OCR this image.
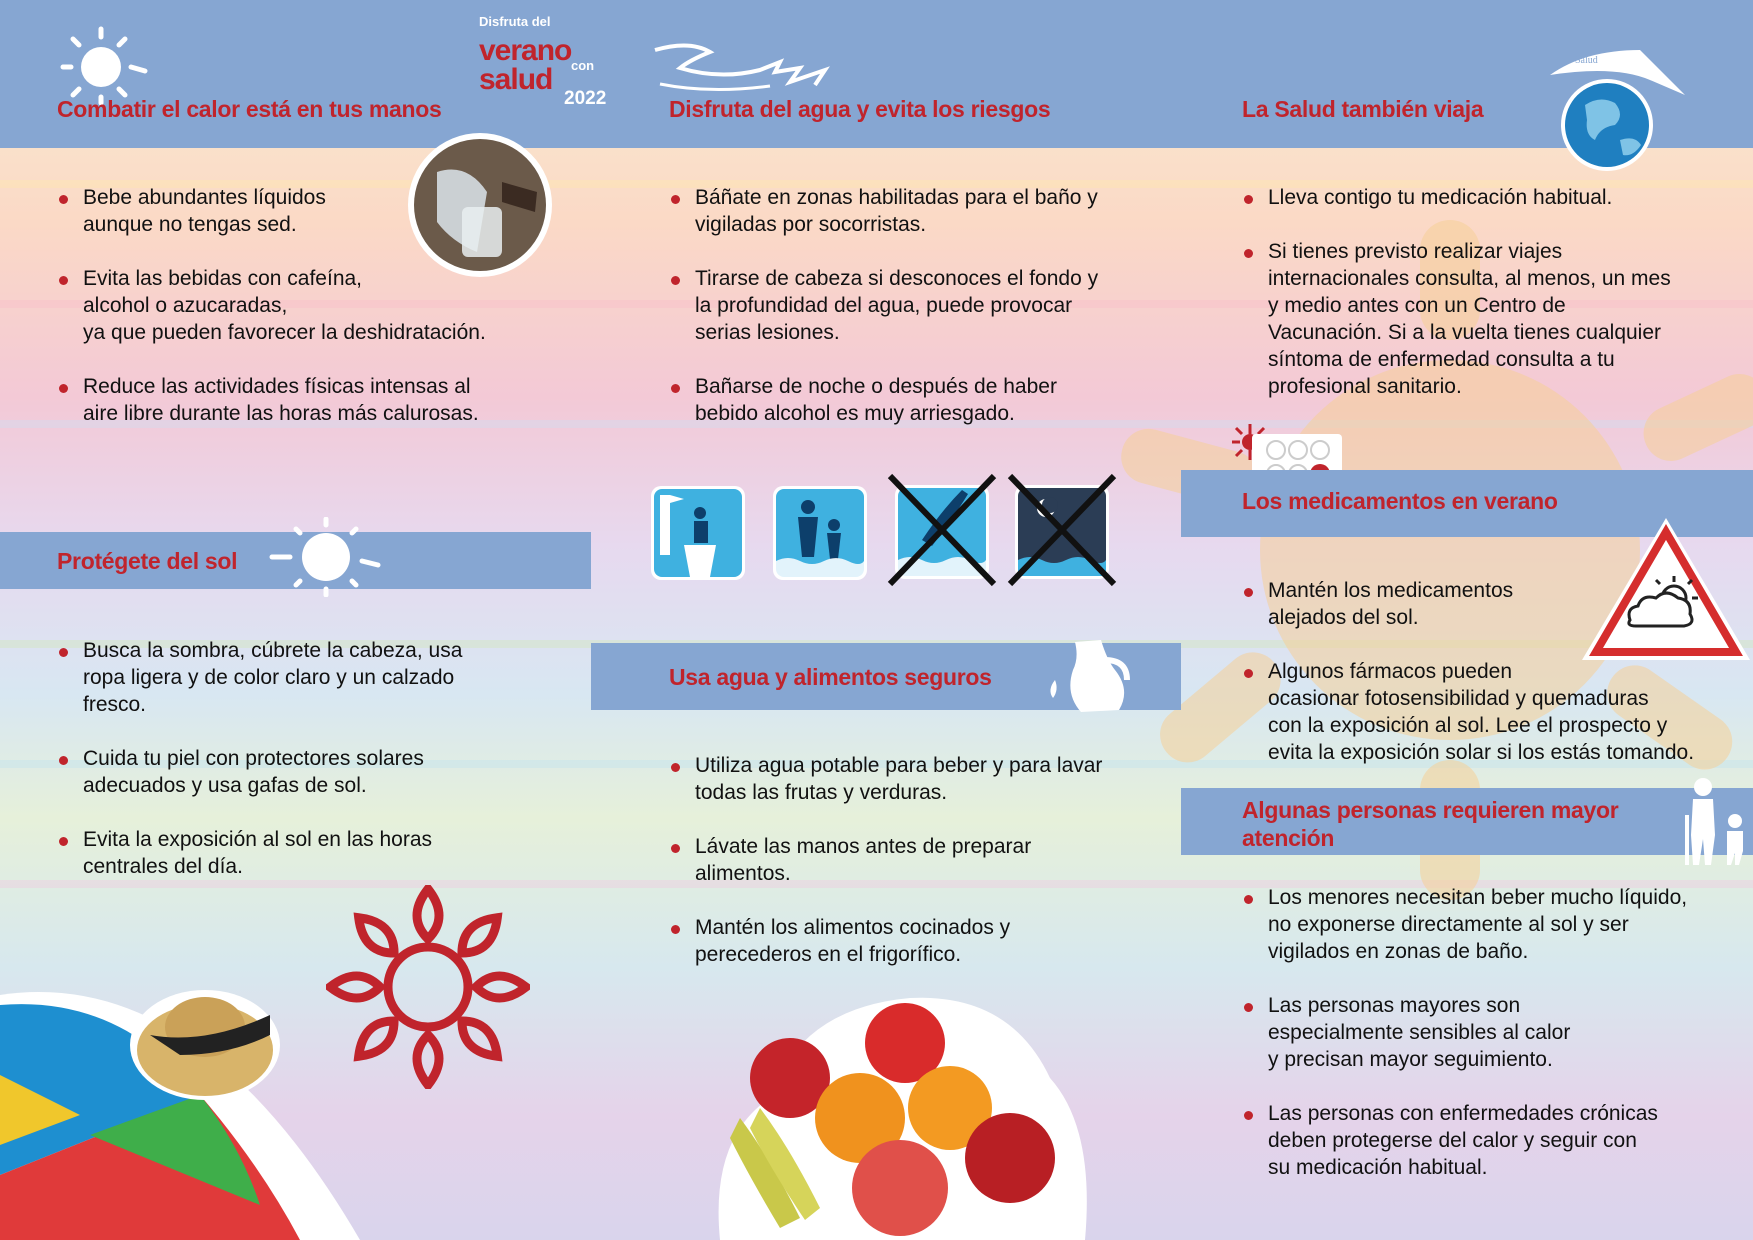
Disfruta del
verano con
salud
2022
Salud
Combatir el calor está en tus manos
Bebe abundantes líquidos
aunque no tengas sed.
Evita las bebidas con cafeína,
alcohol o azucaradas,
ya que pueden favorecer la deshidratación.
Reduce las actividades físicas intensas al
aire libre durante las horas más calurosas.
Protégete del sol
Busca la sombra, cúbrete la cabeza, usa
ropa ligera y de color claro y un calzado
fresco.
Cuida tu piel con protectores solares
adecuados y usa gafas de sol.
Evita la exposición al sol en las horas
centrales del día.
Disfruta del agua y evita los riesgos
Báñate en zonas habilitadas para el baño y
vigiladas por socorristas.
Tirarse de cabeza si desconoces el fondo y
la profundidad del agua, puede provocar
serias lesiones.
Bañarse de noche o después de haber
bebido alcohol es muy arriesgado.
Usa agua y alimentos seguros
Utiliza agua potable para beber y para lavar
todas las frutas y verduras.
Lávate las manos antes de preparar
alimentos.
Mantén los alimentos cocinados y
perecederos en el frigorífico.
La Salud también viaja
Lleva contigo tu medicación habitual.
Si tienes previsto realizar viajes
internacionales consulta, al menos, un mes
y medio antes con un Centro de
Vacunación. Si a la vuelta tienes cualquier
síntoma de enfermedad consulta a tu
profesional sanitario.
Los medicamentos en verano
Mantén los medicamentos
alejados del sol.
Algunos fármacos pueden
ocasionar fotosensibilidad y quemaduras
con la exposición al sol. Lee el prospecto y
evita la exposición solar si los estás tomando.
Algunas personas requieren mayor
atención
Los menores necesitan beber mucho líquido,
no exponerse directamente al sol y ser
vigilados en zonas de baño.
Las personas mayores son
especialmente sensibles al calor
y precisan mayor seguimiento.
Las personas con enfermedades crónicas
deben protegerse del calor y seguir con
su medicación habitual.
